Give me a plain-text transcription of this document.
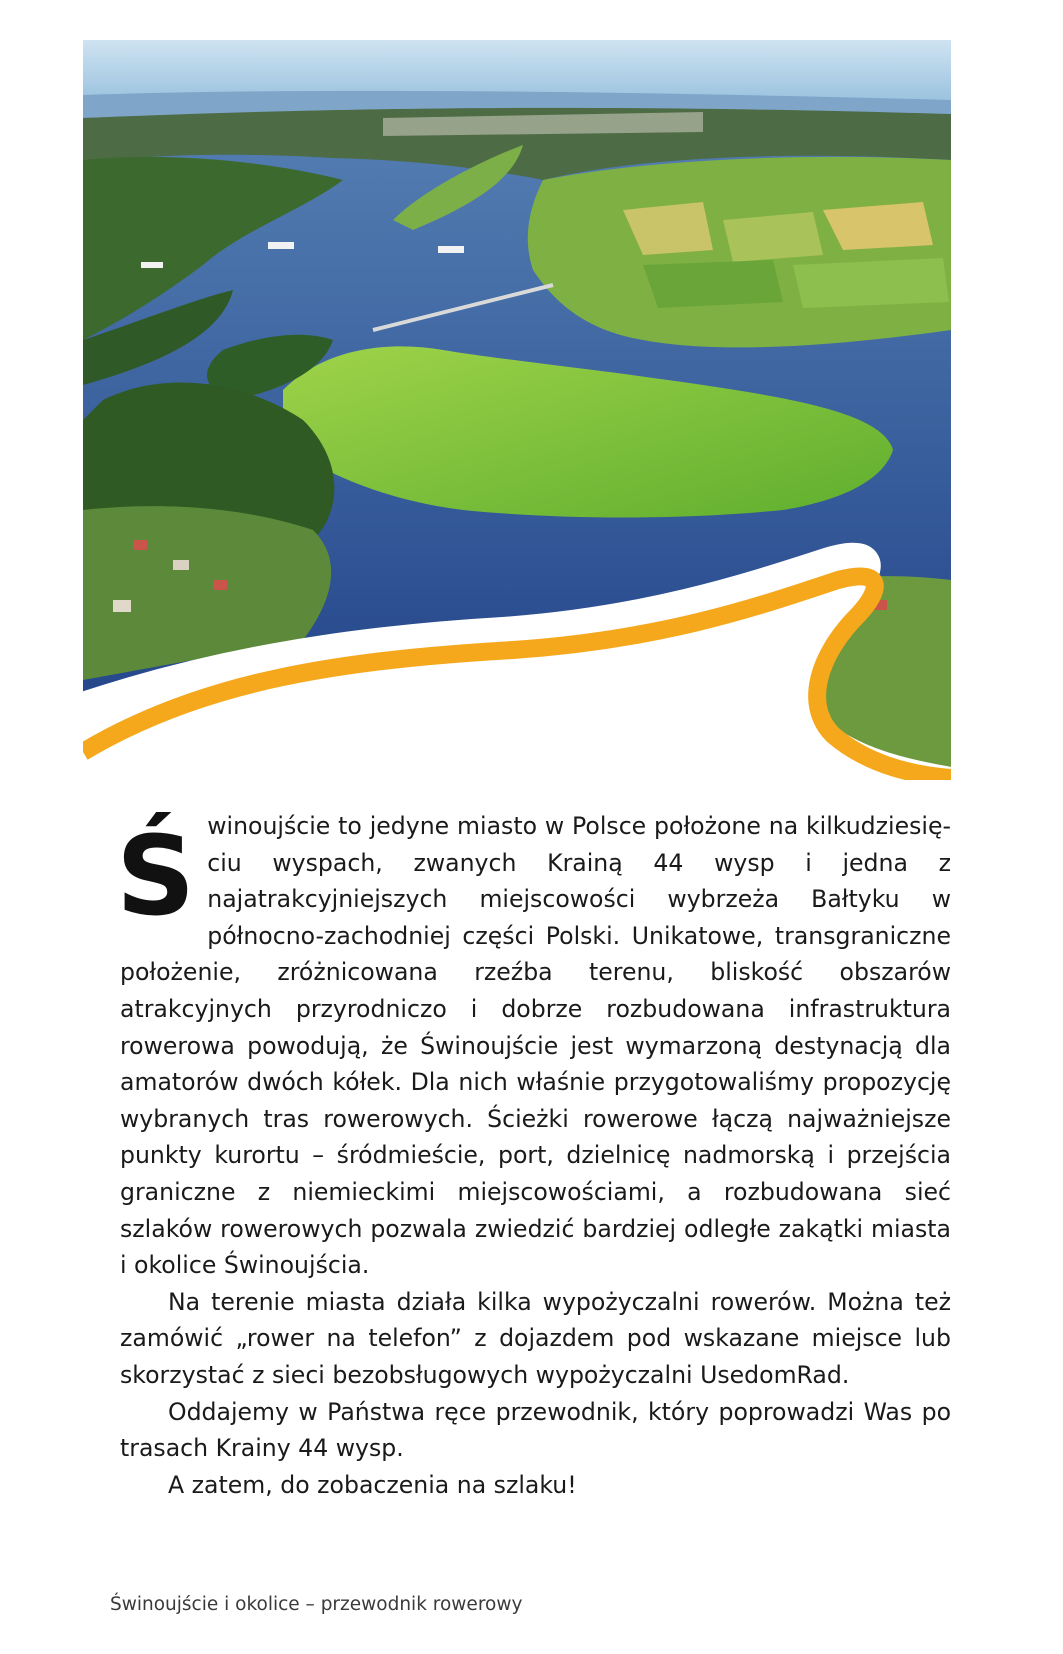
Świnoujście to jedyne miasto w Polsce położone na kilkudziesięciu wyspach, zwanych Krainą 44 wysp i jedna z najatrakcyjniejszych miejscowości wybrzeża Bałtyku w północno-zachodniej części Polski. Unikatowe, transgraniczne położenie, zróżnicowana rzeźba terenu, bliskość obszarów atrakcyjnych przyrodniczo i dobrze rozbudowana infrastruktura rowerowa powodują, że Świnoujście jest wymarzoną destynacją dla amatorów dwóch kółek. Dla nich właśnie przygotowaliśmy propozycję wybranych tras rowerowych. Ścieżki rowerowe łączą najważniejsze punkty kurortu – śródmieście, port, dzielnicę nadmorską i przejścia graniczne z niemieckimi miejscowościami, a rozbudowana sieć szlaków rowerowych pozwala zwiedzić bardziej odległe zakątki miasta i okolice Świnoujścia.

Na terenie miasta działa kilka wypożyczalni rowerów. Można też zamówić „rower na telefon” z dojazdem pod wskazane miejsce lub skorzystać z sieci bezobsługowych wypożyczalni UsedomRad.

Oddajemy w Państwa ręce przewodnik, który poprowadzi Was po trasach Krainy 44 wysp.

A zatem, do zobaczenia na szlaku!

Świnoujście i okolice – przewodnik rowerowy
